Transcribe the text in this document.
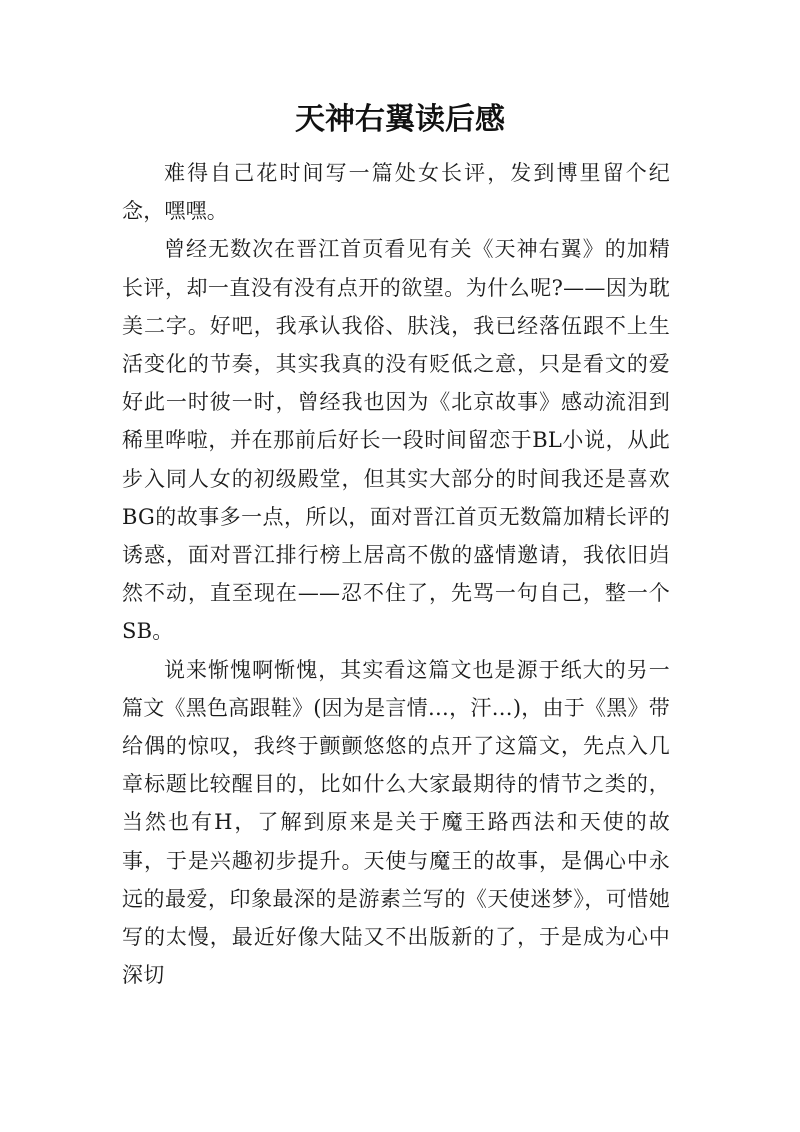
天神右翼读后感

难得自己花时间写一篇处女长评，发到博里留个纪念，嘿嘿。

曾经无数次在晋江首页看见有关《天神右翼》的加精长评，却一直没有没有点开的欲望。为什么呢?——因为耽美二字。好吧，我承认我俗、肤浅，我已经落伍跟不上生活变化的节奏，其实我真的没有贬低之意，只是看文的爱好此一时彼一时，曾经我也因为《北京故事》感动流泪到稀里哗啦，并在那前后好长一段时间留恋于BL小说，从此步入同人女的初级殿堂，但其实大部分的时间我还是喜欢BG的故事多一点，所以，面对晋江首页无数篇加精长评的诱惑，面对晋江排行榜上居高不傲的盛情邀请，我依旧岿然不动，直至现在——忍不住了，先骂一句自己，整一个SB。

说来惭愧啊惭愧，其实看这篇文也是源于纸大的另一篇文《黑色高跟鞋》(因为是言情…，汗…)，由于《黑》带给偶的惊叹，我终于颤颤悠悠的点开了这篇文，先点入几章标题比较醒目的，比如什么大家最期待的情节之类的，当然也有H，了解到原来是关于魔王路西法和天使的故事，于是兴趣初步提升。天使与魔王的故事，是偶心中永远的最爱，印象最深的是游素兰写的《天使迷梦》，可惜她写的太慢，最近好像大陆又不出版新的了，于是成为心中深切
